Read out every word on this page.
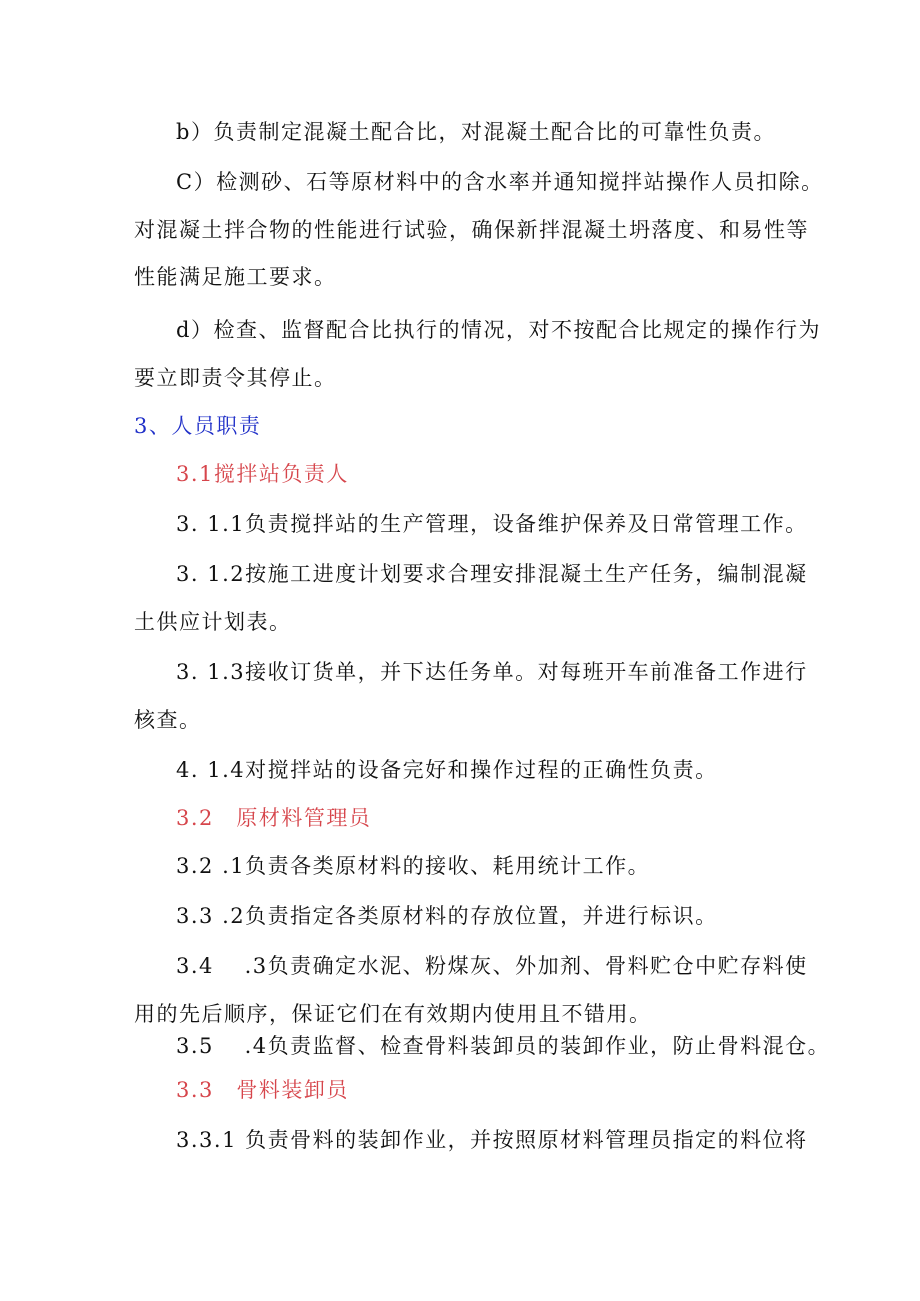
b）负责制定混凝土配合比，对混凝土配合比的可靠性负责。
C）检测砂、石等原材料中的含水率并通知搅拌站操作人员扣除。
对混凝土拌合物的性能进行试验，确保新拌混凝土坍落度、和易性等
性能满足施工要求。
d）检查、监督配合比执行的情况，对不按配合比规定的操作行为
要立即责令其停止。
3、人员职责
3.1搅拌站负责人
3. 1.1负责搅拌站的生产管理，设备维护保养及日常管理工作。
3. 1.2按施工进度计划要求合理安排混凝土生产任务，编制混凝
土供应计划表。
3. 1.3接收订货单，并下达任务单。对每班开车前准备工作进行
核查。
4. 1.4对搅拌站的设备完好和操作过程的正确性负责。
3.2　原材料管理员
3.2 .1负责各类原材料的接收、耗用统计工作。
3.3 .2负责指定各类原材料的存放位置，并进行标识。
3.4　 .3负责确定水泥、粉煤灰、外加剂、骨料贮仓中贮存料使
用的先后顺序，保证它们在有效期内使用且不错用。
3.5　 .4负责监督、检查骨料装卸员的装卸作业，防止骨料混仓。
3.3　骨料装卸员
3.3.1 负责骨料的装卸作业，并按照原材料管理员指定的料位将
